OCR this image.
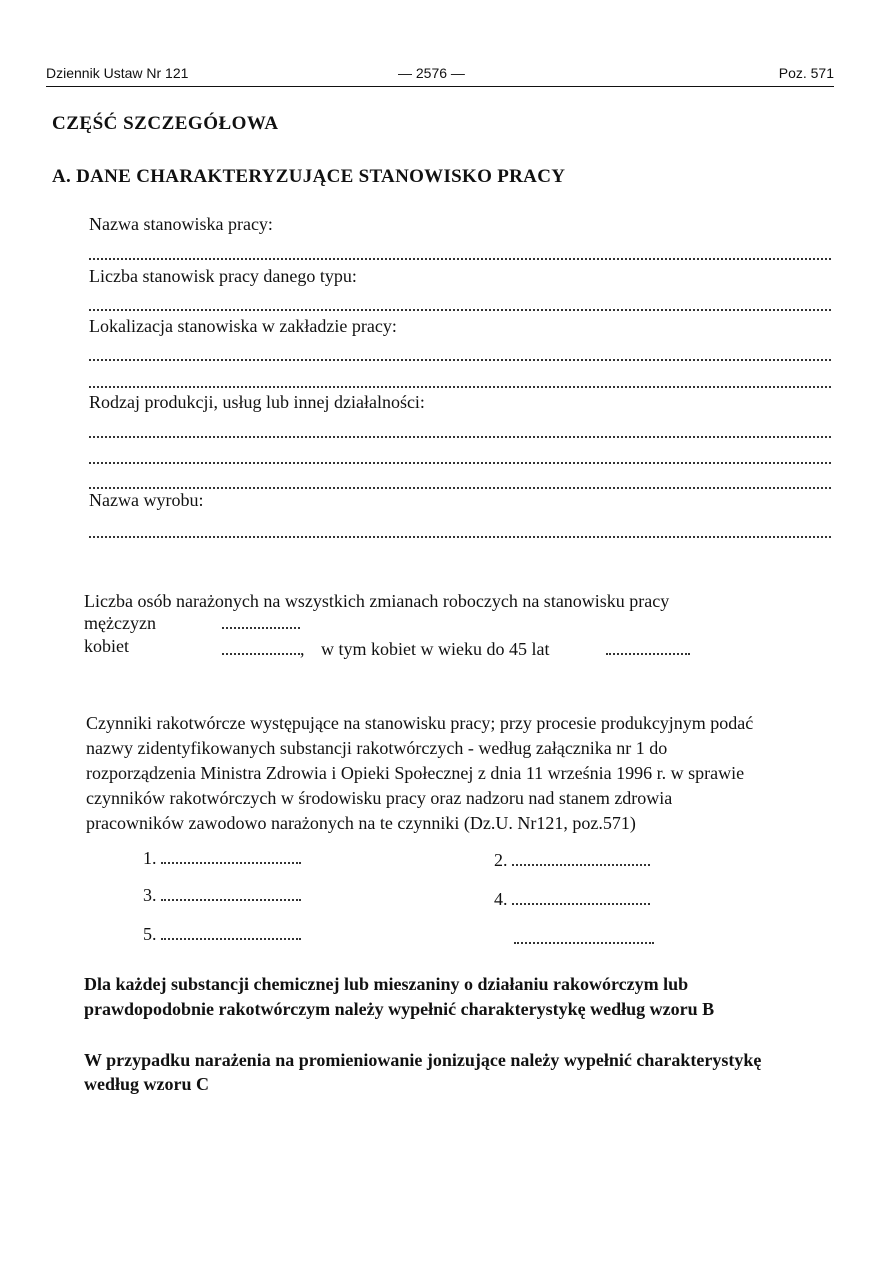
Dziennik Ustaw Nr 121	— 2576 —	Poz. 571
CZĘŚĆ SZCZEGÓŁOWA
A. DANE CHARAKTERYZUJĄCE STANOWISKO PRACY
Nazwa stanowiska pracy:
Liczba stanowisk pracy danego typu:
Lokalizacja stanowiska w zakładzie pracy:
Rodzaj produkcji, usług lub innej działalności:
Nazwa wyrobu:
Liczba osób narażonych na wszystkich zmianach roboczych na stanowisku pracy
mężczyzn
kobiet	, w tym kobiet w wieku do 45 lat
Czynniki rakotwórcze występujące na stanowisku pracy; przy procesie produkcyjnym podać
nazwy zidentyfikowanych substancji rakotwórczych - według załącznika nr 1 do
rozporządzenia Ministra Zdrowia i Opieki Społecznej z dnia 11 września 1996 r. w sprawie
czynników rakotwórczych w środowisku pracy oraz nadzoru nad stanem zdrowia
pracowników zawodowo narażonych na te czynniki (Dz.U. Nr121, poz.571)
1.	2.
3.	4.
5.
Dla każdej substancji chemicznej lub mieszaniny o działaniu rakowórczym lub
prawdopodobnie rakotwórczym należy wypełnić charakterystykę według wzoru B
W przypadku narażenia na promieniowanie jonizujące należy wypełnić charakterystykę
według wzoru C
